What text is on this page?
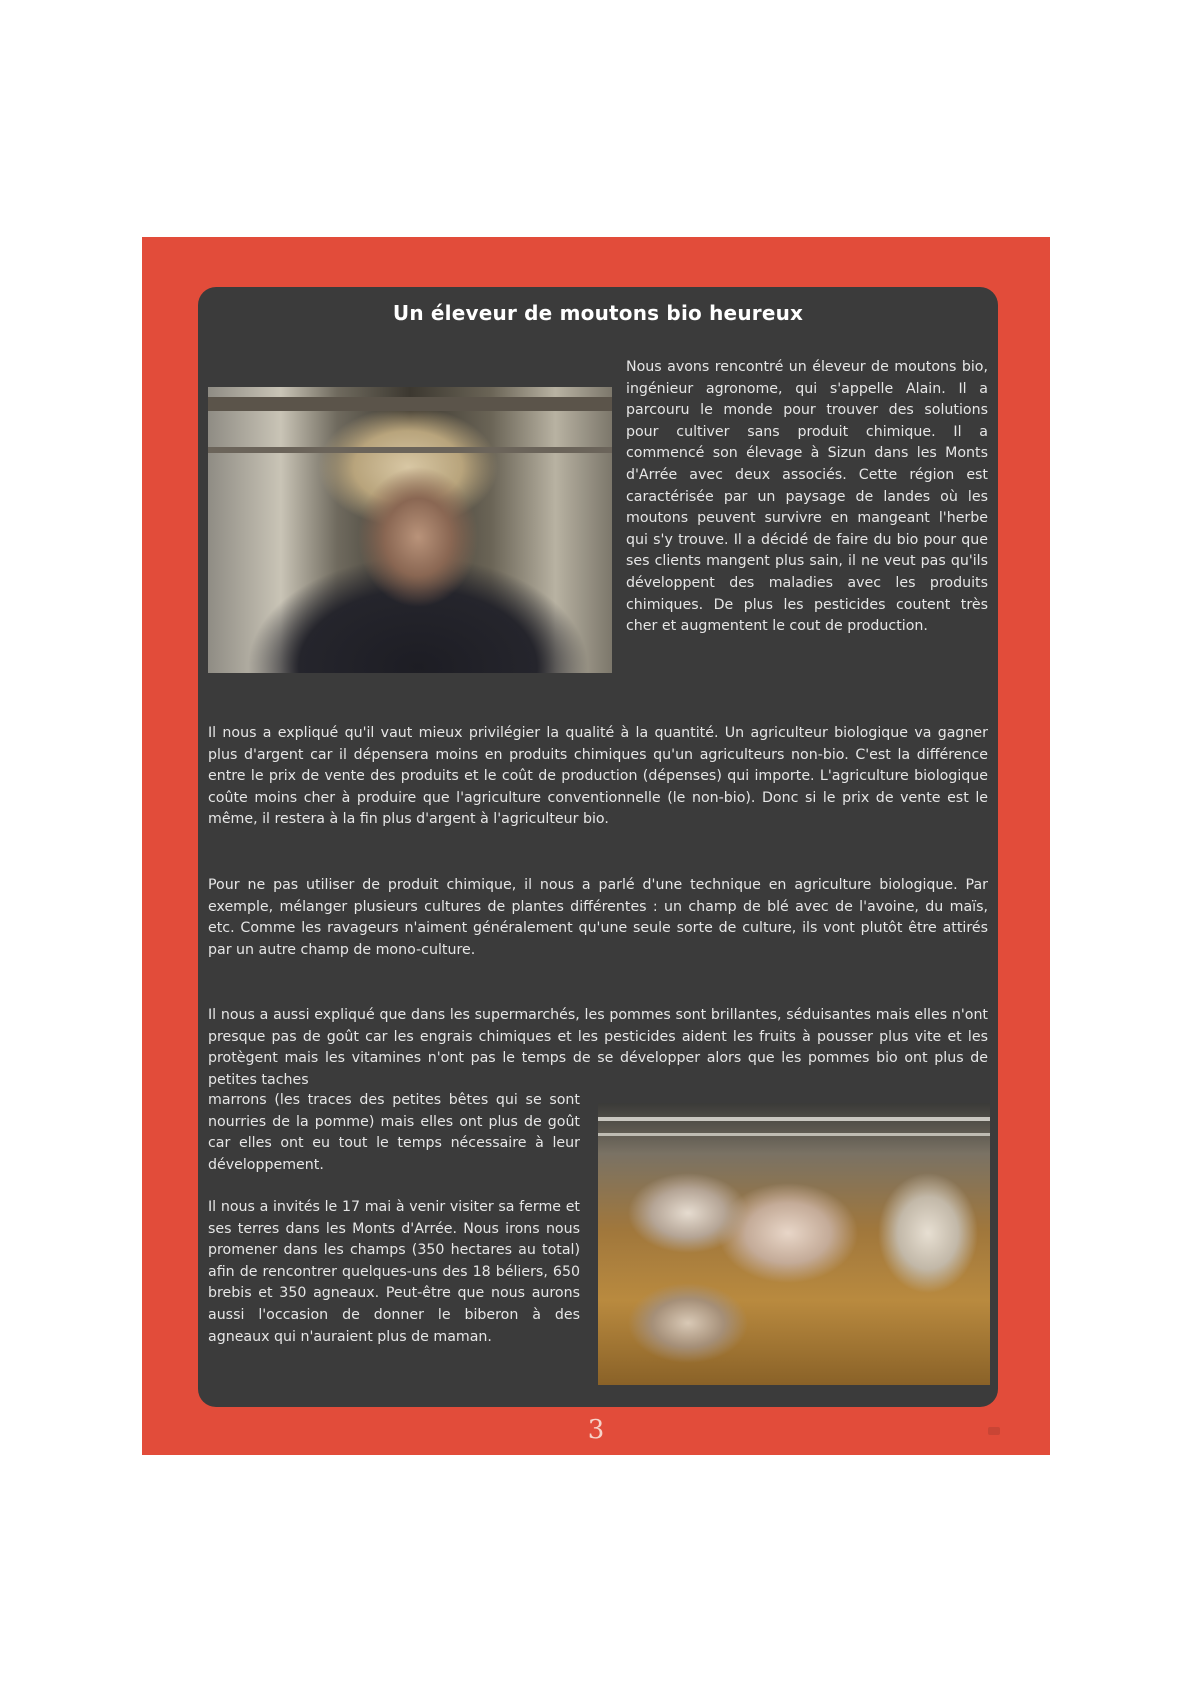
Un éleveur de moutons bio heureux

Nous avons rencontré un éleveur de moutons bio, ingénieur agronome, qui s'appelle Alain. Il a parcouru le monde pour trouver des solutions pour cultiver sans produit chimique. Il a commencé son élevage à Sizun dans les Monts d'Arrée avec deux associés. Cette région est caractérisée par un paysage de landes où les moutons peuvent survivre en mangeant l'herbe qui s'y trouve. Il a décidé de faire du bio pour que ses clients mangent plus sain, il ne veut pas qu'ils développent des maladies avec les produits chimiques. De plus les pesticides coutent très cher et augmentent le cout de production.

Il nous a expliqué qu'il vaut mieux privilégier la qualité à la quantité. Un agriculteur biologique va gagner plus d'argent car il dépensera moins en produits chimiques qu'un agriculteurs non-bio. C'est la différence entre le prix de vente des produits et le coût de production (dépenses) qui importe. L'agriculture biologique coûte moins cher à produire que l'agriculture conventionnelle (le non-bio). Donc si le prix de vente est le même, il restera à la fin plus d'argent à l'agriculteur bio.

Pour ne pas utiliser de produit chimique, il nous a parlé d'une technique en agriculture biologique. Par exemple, mélanger plusieurs cultures de plantes différentes : un champ de blé avec de l'avoine, du maïs, etc. Comme les ravageurs n'aiment généralement qu'une seule sorte de culture, ils vont plutôt être attirés par un autre champ de mono-culture.

Il nous a aussi expliqué que dans les supermarchés, les pommes sont brillantes, séduisantes mais elles n'ont presque pas de goût car les engrais chimiques et les pesticides aident les fruits à pousser plus vite et les protègent mais les vitamines n'ont pas le temps de se développer alors que les pommes bio ont plus de petites taches

marrons (les traces des petites bêtes qui se sont nourries de la pomme) mais elles ont plus de goût car elles ont eu tout le temps nécessaire à leur développement.

Il nous a invités le 17 mai à venir visiter sa ferme et ses terres dans les Monts d'Arrée. Nous irons nous promener dans les champs (350 hectares au total) afin de rencontrer quelques-uns des 18 béliers, 650 brebis et 350 agneaux. Peut-être que nous aurons aussi l'occasion de donner le biberon à des agneaux qui n'auraient plus de maman.

3
